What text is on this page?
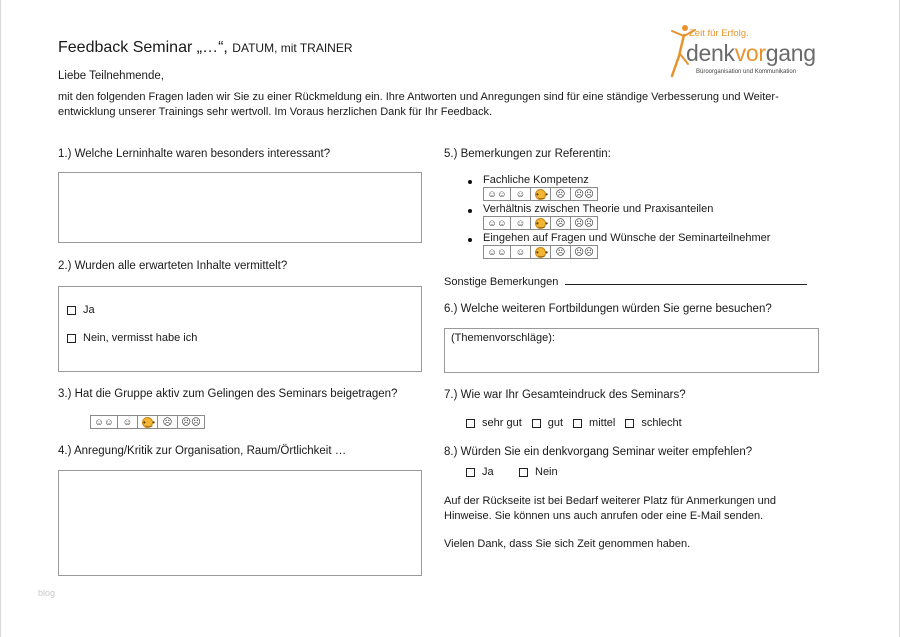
Feedback Seminar „…“, DATUM, mit TRAINER
Liebe Teilnehmende,
mit den folgenden Fragen laden wir Sie zu einer Rückmeldung ein. Ihre Antworten und Anregungen sind für eine ständige Verbesserung und Weiter-entwicklung unserer Trainings sehr wertvoll. Im Voraus herzlichen Dank für Ihr Feedback.
Zeit für Erfolg.
denkvorgang
Büroorganisation und Kommunikation
1.) Welche Lerninhalte waren besonders interessant?
2.) Wurden alle erwarteten Inhalte vermittelt?
Ja
Nein, vermisst habe ich
3.) Hat die Gruppe aktiv zum Gelingen des Seminars beigetragen?
☺☺ ☺ •‿• ☹ ☹☹
4.) Anregung/Kritik zur Organisation, Raum/Örtlichkeit …
5.) Bemerkungen zur Referentin:
Fachliche Kompetenz
☺☺ ☺ •‿• ☹ ☹☹
Verhältnis zwischen Theorie und Praxisanteilen
☺☺ ☺ •‿• ☹ ☹☹
Eingehen auf Fragen und Wünsche der Seminarteilnehmer
☺☺ ☺ •‿• ☹ ☹☹
Sonstige Bemerkungen
6.) Welche weiteren Fortbildungen würden Sie gerne besuchen?
(Themenvorschläge):
7.) Wie war Ihr Gesamteindruck des Seminars?
sehr gut gut mittel schlecht
8.) Würden Sie ein denkvorgang Seminar weiter empfehlen?
Ja	Nein
Auf der Rückseite ist bei Bedarf weiterer Platz für Anmerkungen und Hinweise. Sie können uns auch anrufen oder eine E-Mail senden.
Vielen Dank, dass Sie sich Zeit genommen haben.
blog
